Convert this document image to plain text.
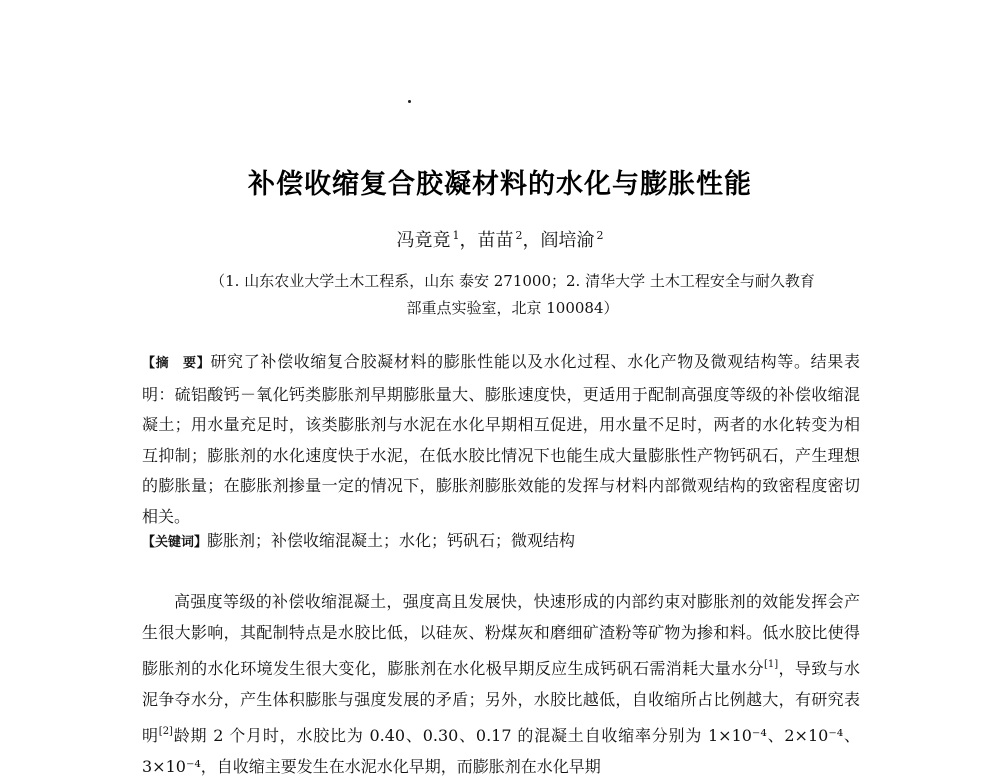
补偿收缩复合胶凝材料的水化与膨胀性能
冯竟竟 $^1$，苗苗 $^2$，阎培渝 $^2$
（1. 山东农业大学土木工程系，山东 泰安 271000；2. 清华大学 土木工程安全与耐久教育
部重点实验室，北京 100084）
【摘　要】研究了补偿收缩复合胶凝材料的膨胀性能以及水化过程、水化产物及微观结构等。结果表明：硫铝酸钙－氧化钙类膨胀剂早期膨胀量大、膨胀速度快，更适用于配制高强度等级的补偿收缩混凝土；用水量充足时，该类膨胀剂与水泥在水化早期相互促进，用水量不足时，两者的水化转变为相互抑制；膨胀剂的水化速度快于水泥，在低水胶比情况下也能生成大量膨胀性产物钙矾石，产生理想的膨胀量；在膨胀剂掺量一定的情况下，膨胀剂膨胀效能的发挥与材料内部微观结构的致密程度密切相关。
【关键词】膨胀剂；补偿收缩混凝土；水化；钙矾石；微观结构
高强度等级的补偿收缩混凝土，强度高且发展快，快速形成的内部约束对膨胀剂的效能发挥会产生很大影响，其配制特点是水胶比低，以硅灰、粉煤灰和磨细矿渣粉等矿物为掺和料。低水胶比使得膨胀剂的水化环境发生很大变化，膨胀剂在水化极早期反应生成钙矾石需消耗大量水分[1]，导致与水泥争夺水分，产生体积膨胀与强度发展的矛盾；另外，水胶比越低，自收缩所占比例越大，有研究表明[2]龄期 2 个月时，水胶比为 0.40、0.30、0.17 的混凝土自收缩率分别为 1×10⁻⁴、2×10⁻⁴、3×10⁻⁴，自收缩主要发生在水泥水化早期，而膨胀剂在水化早期
